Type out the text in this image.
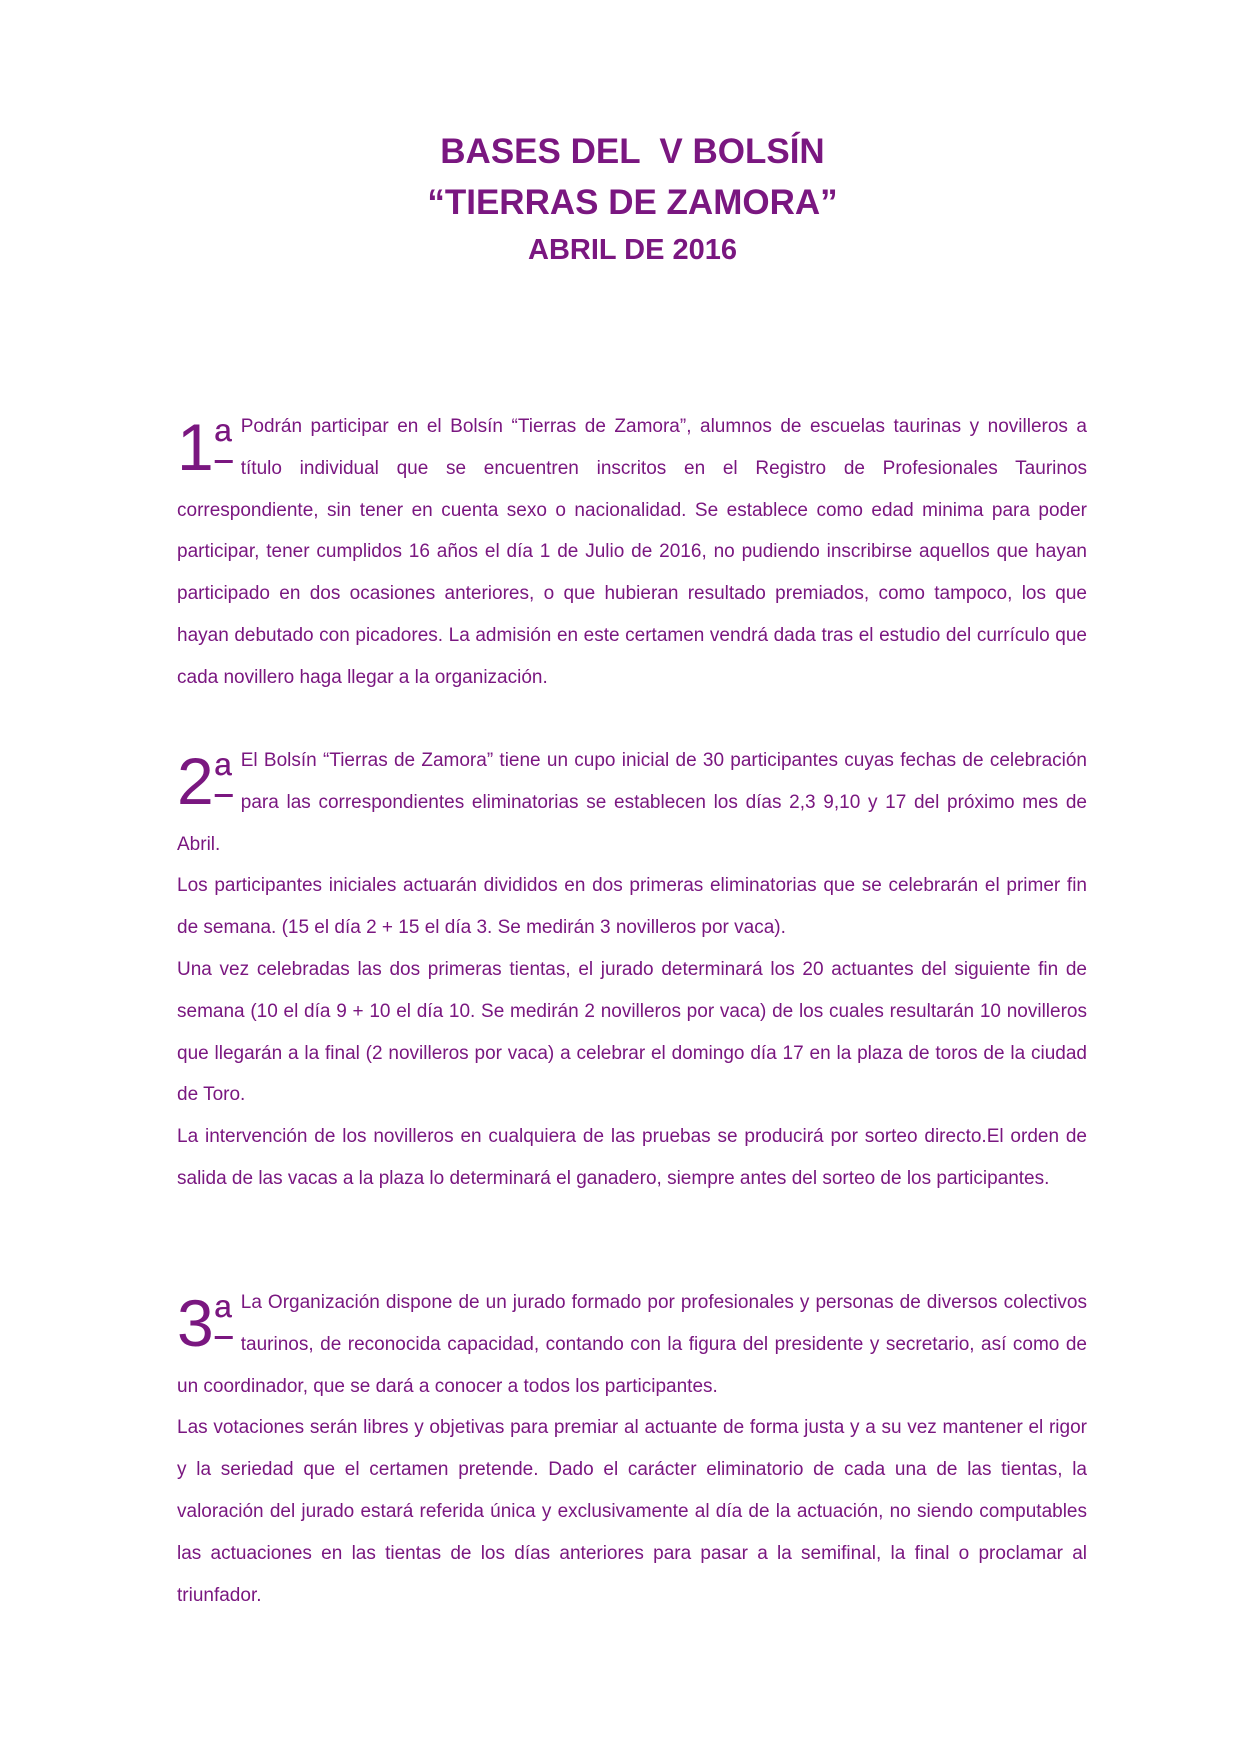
BASES DEL  V BOLSÍN
“TIERRAS DE ZAMORA”
ABRIL DE 2016
$1^ª$ Podrán participar en el Bolsín “Tierras de Zamora”, alumnos de escuelas taurinas y novilleros a título individual que se encuentren inscritos en el Registro de Profesionales Taurinos correspondiente, sin tener en cuenta sexo o nacionalidad. Se establece como edad minima para poder participar, tener cumplidos 16 años el día 1 de Julio de 2016, no pudiendo inscribirse aquellos que hayan participado en dos ocasiones anteriores, o que hubieran resultado premiados, como tampoco, los que hayan debutado con picadores. La admisión en este certamen vendrá dada tras el estudio del currículo que cada novillero haga llegar a la organización.

$2^ª$ El Bolsín “Tierras de Zamora” tiene un cupo inicial de 30 participantes cuyas fechas de celebración para las correspondientes eliminatorias se establecen los días 2,3 9,10 y 17 del próximo mes de Abril.

Los participantes iniciales actuarán divididos en dos primeras eliminatorias que se celebrarán el primer fin de semana. (15 el día 2 + 15 el día 3. Se medirán 3 novilleros por vaca).

Una vez celebradas las dos primeras tientas, el jurado determinará los 20 actuantes del siguiente fin de semana (10 el día 9 + 10 el día 10. Se medirán 2 novilleros por vaca) de los cuales resultarán 10 novilleros que llegarán a la final (2 novilleros por vaca) a celebrar el domingo día 17 en la plaza de toros de la ciudad de Toro.

La intervención de los novilleros en cualquiera de las pruebas se producirá por sorteo directo.El orden de salida de las vacas a la plaza lo determinará el ganadero, siempre antes del sorteo de los participantes.

$3^ª$ La Organización dispone de un jurado formado por profesionales y personas de diversos colectivos taurinos, de reconocida capacidad, contando con la figura del presidente y secretario, así como de un coordinador, que se dará a conocer a todos los participantes.

Las votaciones serán libres y objetivas para premiar al actuante de forma justa y a su vez mantener el rigor y la seriedad que el certamen pretende. Dado el carácter eliminatorio de cada una de las tientas, la valoración del jurado estará referida única y exclusivamente al día de la actuación, no siendo computables las actuaciones en las tientas de los días anteriores para pasar a la semifinal, la final o proclamar al triunfador.
